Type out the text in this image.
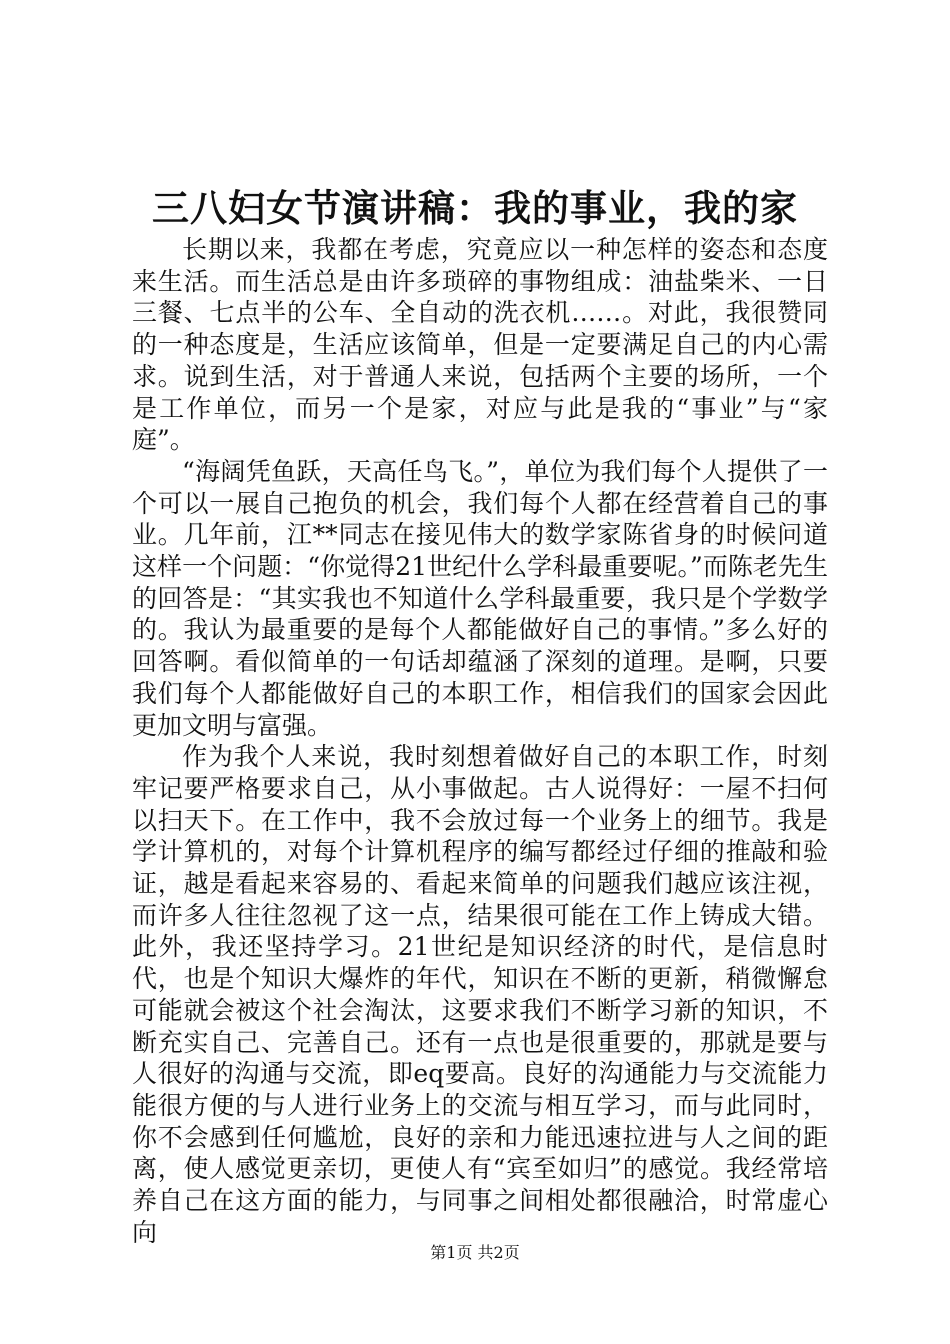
三八妇女节演讲稿：我的事业，我的家

长期以来，我都在考虑，究竟应以一种怎样的姿态和态度来生活。而生活总是由许多琐碎的事物组成：油盐柴米、一日三餐、七点半的公车、全自动的洗衣机……。对此，我很赞同的一种态度是，生活应该简单，但是一定要满足自己的内心需求。说到生活，对于普通人来说，包括两个主要的场所，一个是工作单位，而另一个是家，对应与此是我的“事业”与“家庭”。

“海阔凭鱼跃，天高任鸟飞。”，单位为我们每个人提供了一个可以一展自己抱负的机会，我们每个人都在经营着自己的事业。几年前，江**同志在接见伟大的数学家陈省身的时候问道这样一个问题：“你觉得21世纪什么学科最重要呢。”而陈老先生的回答是：“其实我也不知道什么学科最重要，我只是个学数学的。我认为最重要的是每个人都能做好自己的事情。”多么好的回答啊。看似简单的一句话却蕴涵了深刻的道理。是啊，只要我们每个人都能做好自己的本职工作，相信我们的国家会因此更加文明与富强。

作为我个人来说，我时刻想着做好自己的本职工作，时刻牢记要严格要求自己，从小事做起。古人说得好：一屋不扫何以扫天下。在工作中，我不会放过每一个业务上的细节。我是学计算机的，对每个计算机程序的编写都经过仔细的推敲和验证，越是看起来容易的、看起来简单的问题我们越应该注视，而许多人往往忽视了这一点，结果很可能在工作上铸成大错。此外，我还坚持学习。21世纪是知识经济的时代，是信息时代，也是个知识大爆炸的年代，知识在不断的更新，稍微懈怠可能就会被这个社会淘汰，这要求我们不断学习新的知识，不断充实自己、完善自己。还有一点也是很重要的，那就是要与人很好的沟通与交流，即eq要高。良好的沟通能力与交流能力能很方便的与人进行业务上的交流与相互学习，而与此同时，你不会感到任何尴尬，良好的亲和力能迅速拉进与人之间的距离，使人感觉更亲切，更使人有“宾至如归”的感觉。我经常培养自己在这方面的能力，与同事之间相处都很融洽，时常虚心向

第1页 共2页
